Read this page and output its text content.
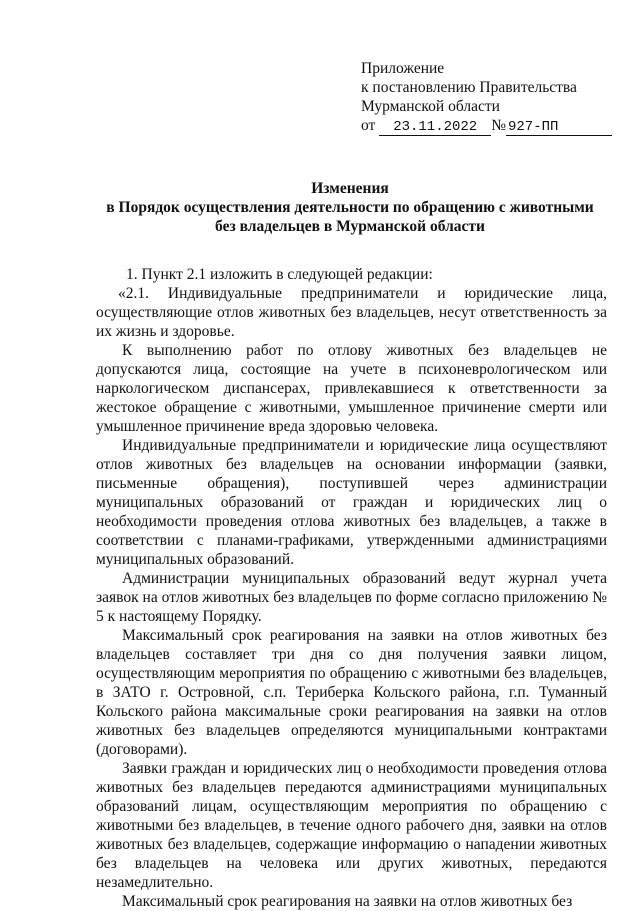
Приложение
к постановлению Правительства
Мурманской области
от 23.11.2022 № 927-ПП
Изменения
в Порядок осуществления деятельности по обращению с животными
без владельцев в Мурманской области

1. Пункт 2.1 изложить в следующей редакции:

«2.1. Индивидуальные предприниматели и юридические лица, осуществляющие отлов животных без владельцев, несут ответственность за их жизнь и здоровье.

К выполнению работ по отлову животных без владельцев не допускаются лица, состоящие на учете в психоневрологическом или наркологическом диспансерах, привлекавшиеся к ответственности за жестокое обращение с животными, умышленное причинение смерти или умышленное причинение вреда здоровью человека.

Индивидуальные предприниматели и юридические лица осуществляют отлов животных без владельцев на основании информации (заявки, письменные обращения), поступившей через администрации муниципальных образований от граждан и юридических лиц о необходимости проведения отлова животных без владельцев, а также в соответствии с планами-графиками, утвержденными администрациями муниципальных образований.

Администрации муниципальных образований ведут журнал учета заявок на отлов животных без владельцев по форме согласно приложению № 5 к настоящему Порядку.

Максимальный срок реагирования на заявки на отлов животных без владельцев составляет три дня со дня получения заявки лицом, осуществляющим мероприятия по обращению с животными без владельцев, в ЗАТО г. Островной, с.п. Териберка Кольского района, г.п. Туманный Кольского района максимальные сроки реагирования на заявки на отлов животных без владельцев определяются муниципальными контрактами (договорами).

Заявки граждан и юридических лиц о необходимости проведения отлова животных без владельцев передаются администрациями муниципальных образований лицам, осуществляющим мероприятия по обращению с животными без владельцев, в течение одного рабочего дня, заявки на отлов животных без владельцев, содержащие информацию о нападении животных без владельцев на человека или других животных, передаются незамедлительно.

Максимальный срок реагирования на заявки на отлов животных без
